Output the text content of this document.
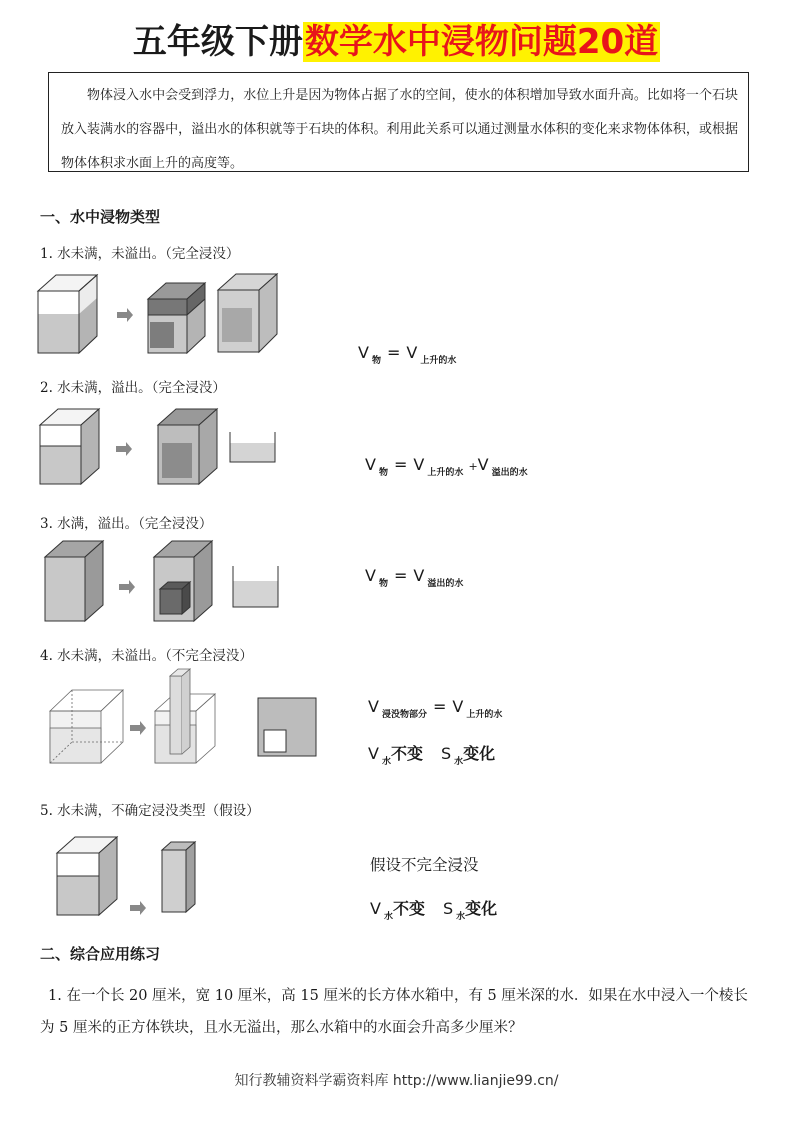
五年级下册数学水中浸物问题20道
物体浸入水中会受到浮力，水位上升是因为物体占据了水的空间，使水的体积增加导致水面升高。比如将一个石块放入装满水的容器中，溢出水的体积就等于石块的体积。利用此关系可以通过测量水体积的变化来求物体体积，或根据物体体积求水面上升的高度等。
一、水中浸物类型
1. 水未满，未溢出。（完全浸没）
V $_物$ = V $_{上升的水}$
2. 水未满，溢出。（完全浸没）
V $_物$ = V $_{上升的水}$ +V $_{溢出的水}$
3. 水满，溢出。（完全浸没）
V $_物$ = V $_{溢出的水}$
4. 水未满，未溢出。（不完全浸没）
V $_{浸没物部分}$ = V $_{上升的水}$
V $_水$不变 S $_水$变化
5. 水未满，不确定浸没类型（假设）
假设不完全浸没
V $_水$不变 S $_水$变化
二、综合应用练习
1. 在一个长 20 厘米，宽 10 厘米，高 15 厘米的长方体水箱中，有 5 厘米深的水．如果在水中浸入一个棱长为 5 厘米的正方体铁块，且水无溢出，那么水箱中的水面会升高多少厘米？
知行教辅资料学霸资料库 http://www.lianjie99.cn/
